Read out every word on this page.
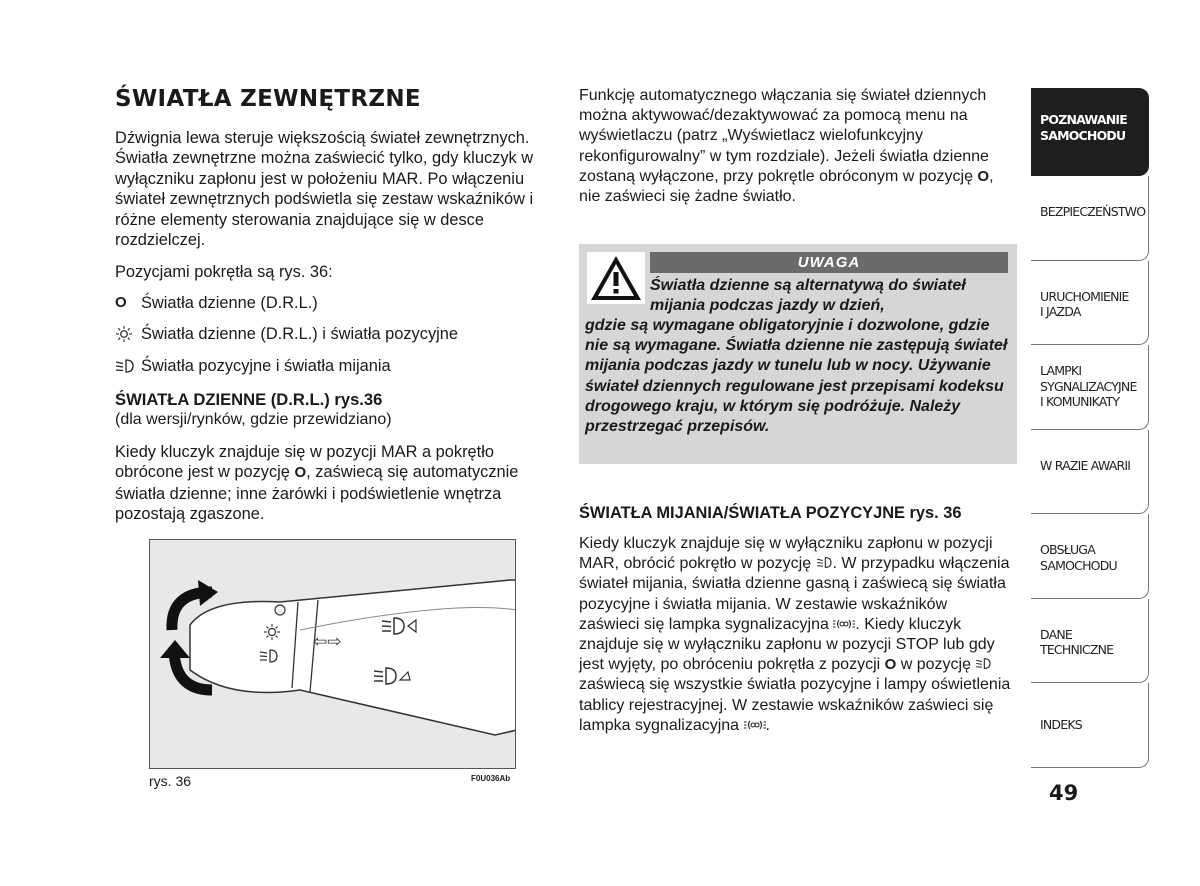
ŚWIATŁA ZEWNĘTRZNE
Dźwignia lewa steruje większością świateł zewnętrznych. Światła zewnętrzne można zaświecić tylko, gdy kluczyk w wyłączniku zapłonu jest w położeniu MAR. Po włączeniu świateł zewnętrznych podświetla się zestaw wskaźników i różne elementy sterowania znajdujące się w desce rozdzielczej.
Pozycjami pokrętła są rys. 36:
O Światła dzienne (D.R.L.)
Światła dzienne (D.R.L.) i światła pozycyjne
Światła pozycyjne i światła mijania
ŚWIATŁA DZIENNE (D.R.L.) rys.36
(dla wersji/rynków, gdzie przewidziano)
Kiedy kluczyk znajduje się w pozycji MAR a pokrętło obrócone jest w pozycję O, zaświecą się automatycznie światła dzienne; inne żarówki i podświetlenie wnętrza pozostają zgaszone.
⇦⇨
rys. 36	F0U036Ab
Funkcję automatycznego włączania się świateł dziennych można aktywować/dezaktywować za pomocą menu na wyświetlaczu (patrz „Wyświetlacz wielofunkcyjny rekonfigurowalny” w tym rozdziale). Jeżeli światła dzienne zostaną wyłączone, przy pokrętle obróconym w pozycję O, nie zaświeci się żadne światło.
UWAGA
Światła dzienne są alternatywą do świateł mijania podczas jazdy w dzień,
gdzie są wymagane obligatoryjnie i dozwolone, gdzie nie są wymagane. Światła dzienne nie zastępują świateł mijania podczas jazdy w tunelu lub w nocy. Używanie świateł dziennych regulowane jest przepisami kodeksu drogowego kraju, w którym się podróżuje. Należy przestrzegać przepisów.
ŚWIATŁA MIJANIA/ŚWIATŁA POZYCYJNE rys. 36
Kiedy kluczyk znajduje się w wyłączniku zapłonu w pozycji MAR, obrócić pokrętło w pozycję . W przypadku włączenia świateł mijania, światła dzienne gasną i zaświecą się światła pozycyjne i światła mijania. W zestawie wskaźników zaświeci się lampka sygnalizacyjna . Kiedy kluczyk znajduje się w wyłączniku zapłonu w pozycji STOP lub gdy jest wyjęty, po obróceniu pokrętła z pozycji O w pozycję  zaświecą się wszystkie światła pozycyjne i lampy oświetlenia tablicy rejestracyjnej. W zestawie wskaźników zaświeci się lampka sygnalizacyjna .
POZNAWANIE
SAMOCHODU
BEZPIECZEŃSTWO
URUCHOMIENIE
I JAZDA
LAMPKI
SYGNALIZACYJNE
I KOMUNIKATY
W RAZIE AWARII
OBSŁUGA
SAMOCHODU
DANE
TECHNICZNE
INDEKS
49
